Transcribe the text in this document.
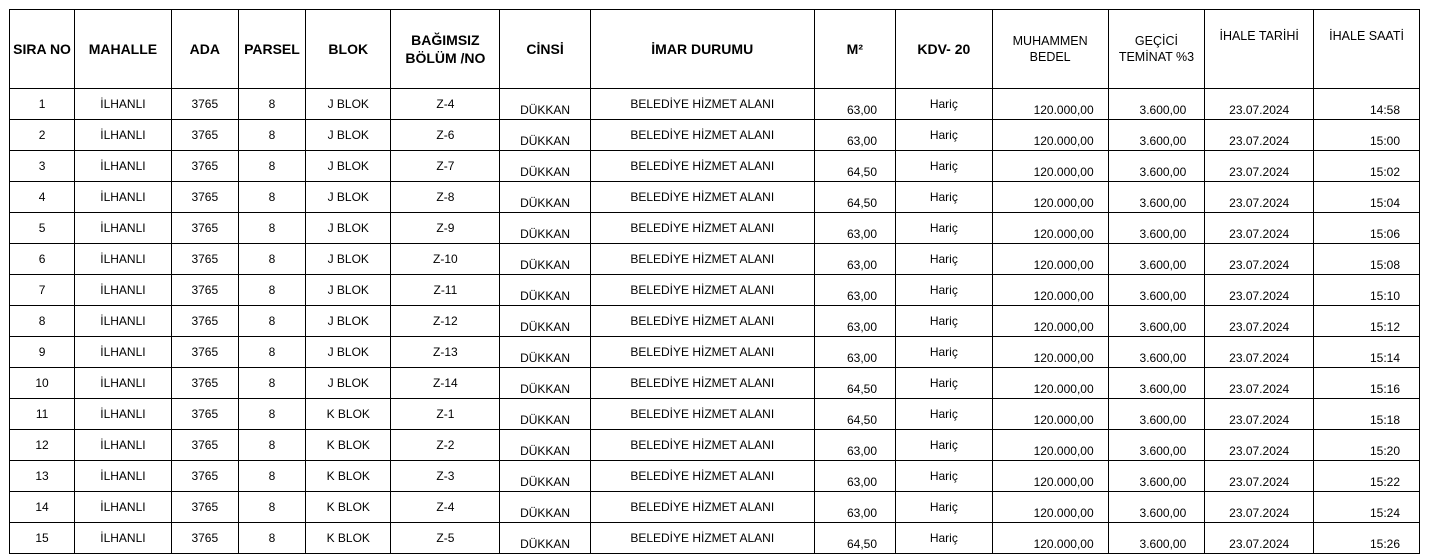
SIRA NO	MAHALLE	ADA	PARSEL	BLOK	BAĞIMSIZ BÖLÜM /NO	CİNSİ	İMAR DURUMU	M²	KDV- 20	MUHAMMEN BEDEL	GEÇİCİ TEMİNAT %3	İHALE TARİHİ	İHALE SAATİ
1	İLHANLI	3765	8	J BLOK	Z-4	DÜKKAN	BELEDİYE HİZMET ALANI	63,00	Hariç	120.000,00	3.600,00	23.07.2024	14:58
2	İLHANLI	3765	8	J BLOK	Z-6	DÜKKAN	BELEDİYE HİZMET ALANI	63,00	Hariç	120.000,00	3.600,00	23.07.2024	15:00
3	İLHANLI	3765	8	J BLOK	Z-7	DÜKKAN	BELEDİYE HİZMET ALANI	64,50	Hariç	120.000,00	3.600,00	23.07.2024	15:02
4	İLHANLI	3765	8	J BLOK	Z-8	DÜKKAN	BELEDİYE HİZMET ALANI	64,50	Hariç	120.000,00	3.600,00	23.07.2024	15:04
5	İLHANLI	3765	8	J BLOK	Z-9	DÜKKAN	BELEDİYE HİZMET ALANI	63,00	Hariç	120.000,00	3.600,00	23.07.2024	15:06
6	İLHANLI	3765	8	J BLOK	Z-10	DÜKKAN	BELEDİYE HİZMET ALANI	63,00	Hariç	120.000,00	3.600,00	23.07.2024	15:08
7	İLHANLI	3765	8	J BLOK	Z-11	DÜKKAN	BELEDİYE HİZMET ALANI	63,00	Hariç	120.000,00	3.600,00	23.07.2024	15:10
8	İLHANLI	3765	8	J BLOK	Z-12	DÜKKAN	BELEDİYE HİZMET ALANI	63,00	Hariç	120.000,00	3.600,00	23.07.2024	15:12
9	İLHANLI	3765	8	J BLOK	Z-13	DÜKKAN	BELEDİYE HİZMET ALANI	63,00	Hariç	120.000,00	3.600,00	23.07.2024	15:14
10	İLHANLI	3765	8	J BLOK	Z-14	DÜKKAN	BELEDİYE HİZMET ALANI	64,50	Hariç	120.000,00	3.600,00	23.07.2024	15:16
11	İLHANLI	3765	8	K BLOK	Z-1	DÜKKAN	BELEDİYE HİZMET ALANI	64,50	Hariç	120.000,00	3.600,00	23.07.2024	15:18
12	İLHANLI	3765	8	K BLOK	Z-2	DÜKKAN	BELEDİYE HİZMET ALANI	63,00	Hariç	120.000,00	3.600,00	23.07.2024	15:20
13	İLHANLI	3765	8	K BLOK	Z-3	DÜKKAN	BELEDİYE HİZMET ALANI	63,00	Hariç	120.000,00	3.600,00	23.07.2024	15:22
14	İLHANLI	3765	8	K BLOK	Z-4	DÜKKAN	BELEDİYE HİZMET ALANI	63,00	Hariç	120.000,00	3.600,00	23.07.2024	15:24
15	İLHANLI	3765	8	K BLOK	Z-5	DÜKKAN	BELEDİYE HİZMET ALANI	64,50	Hariç	120.000,00	3.600,00	23.07.2024	15:26
